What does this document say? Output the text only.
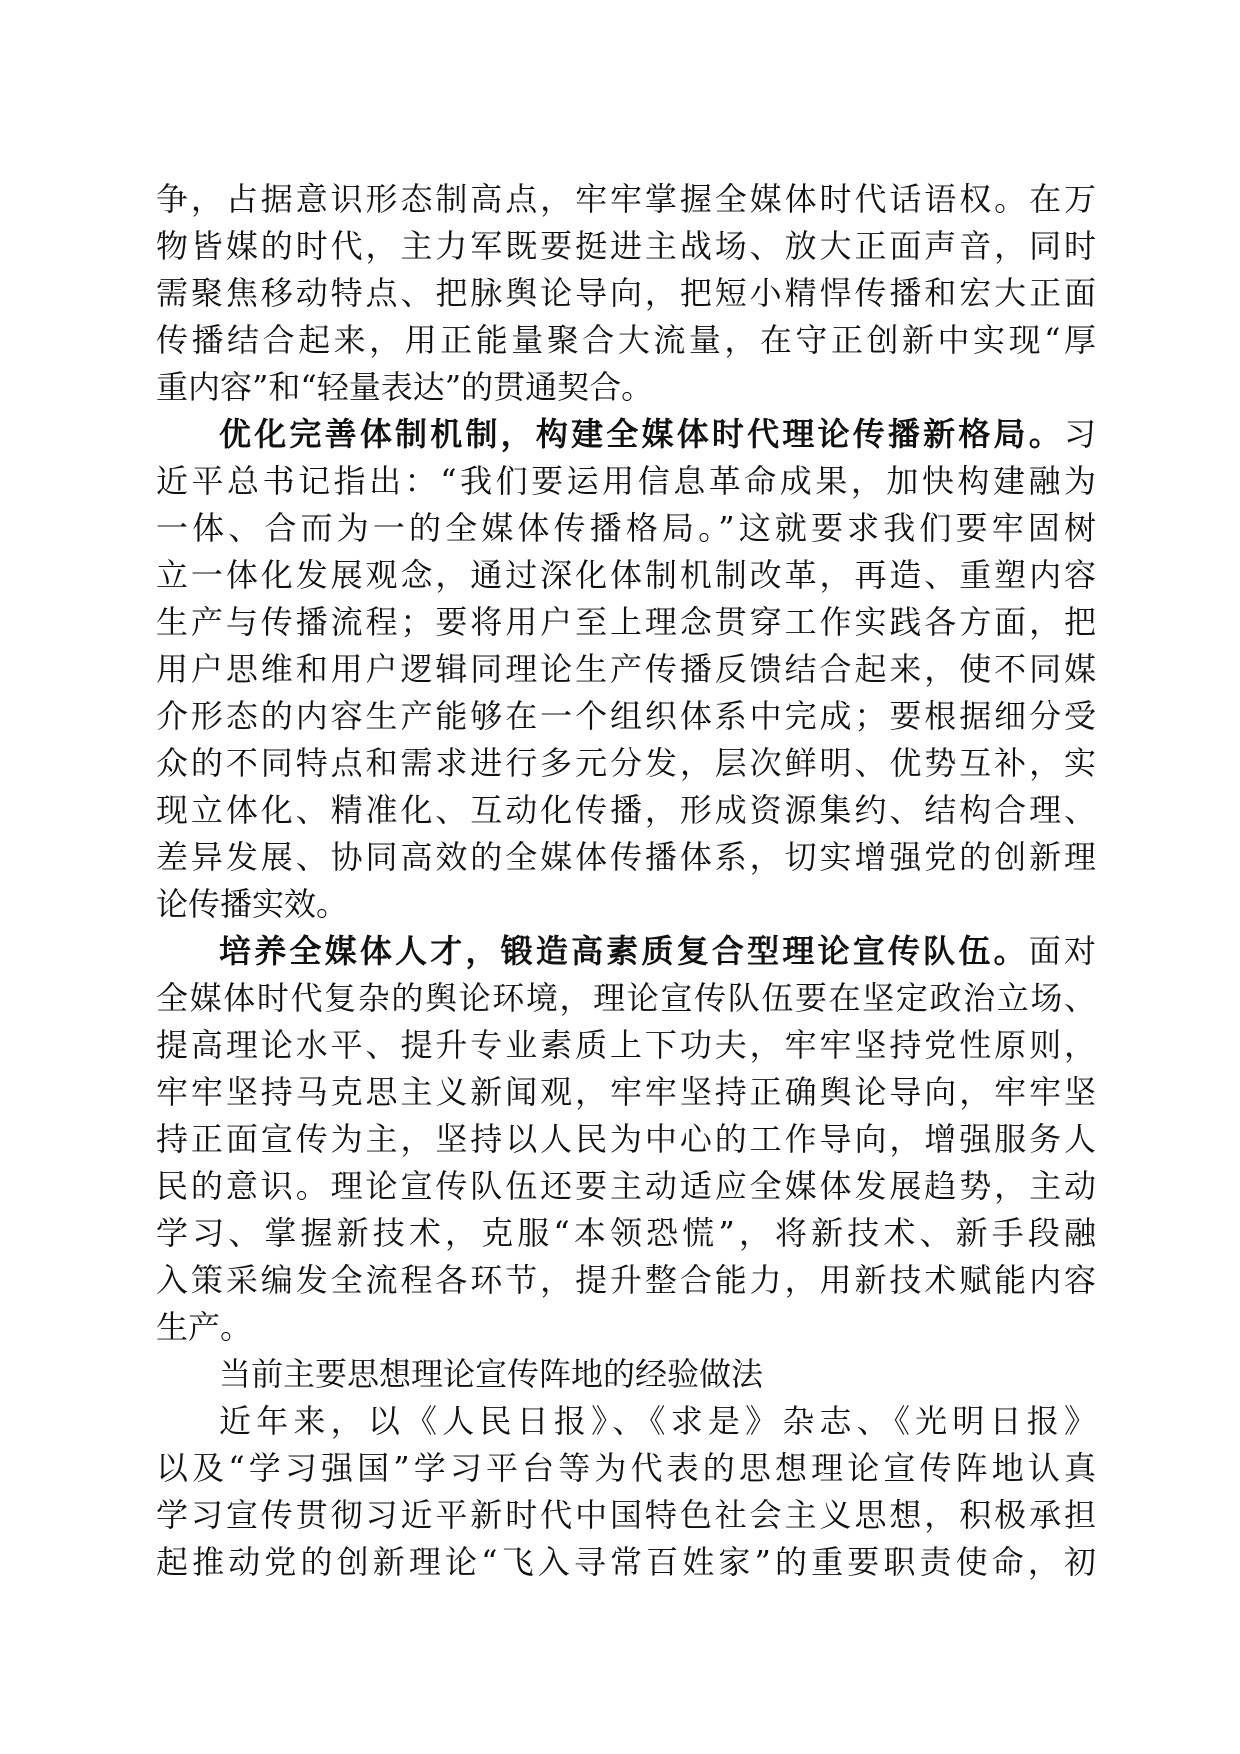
争，占据意识形态制高点，牢牢掌握全媒体时代话语权。在万
物皆媒的时代，主力军既要挺进主战场、放大正面声音，同时
需聚焦移动特点、把脉舆论导向，把短小精悍传播和宏大正面
传播结合起来，用正能量聚合大流量，在守正创新中实现“厚
重内容”和“轻量表达”的贯通契合。
优化完善体制机制，构建全媒体时代理论传播新格局。习
近平总书记指出：“我们要运用信息革命成果，加快构建融为
一体、合而为一的全媒体传播格局。”这就要求我们要牢固树
立一体化发展观念，通过深化体制机制改革，再造、重塑内容
生产与传播流程；要将用户至上理念贯穿工作实践各方面，把
用户思维和用户逻辑同理论生产传播反馈结合起来，使不同媒
介形态的内容生产能够在一个组织体系中完成；要根据细分受
众的不同特点和需求进行多元分发，层次鲜明、优势互补，实
现立体化、精准化、互动化传播，形成资源集约、结构合理、
差异发展、协同高效的全媒体传播体系，切实增强党的创新理
论传播实效。
培养全媒体人才，锻造高素质复合型理论宣传队伍。面对
全媒体时代复杂的舆论环境，理论宣传队伍要在坚定政治立场、
提高理论水平、提升专业素质上下功夫，牢牢坚持党性原则，
牢牢坚持马克思主义新闻观，牢牢坚持正确舆论导向，牢牢坚
持正面宣传为主，坚持以人民为中心的工作导向，增强服务人
民的意识。理论宣传队伍还要主动适应全媒体发展趋势，主动
学习、掌握新技术，克服“本领恐慌”，将新技术、新手段融
入策采编发全流程各环节，提升整合能力，用新技术赋能内容
生产。
当前主要思想理论宣传阵地的经验做法
近年来，以《人民日报》、《求是》杂志、《光明日报》
以及“学习强国”学习平台等为代表的思想理论宣传阵地认真
学习宣传贯彻习近平新时代中国特色社会主义思想，积极承担
起推动党的创新理论“飞入寻常百姓家”的重要职责使命，初
